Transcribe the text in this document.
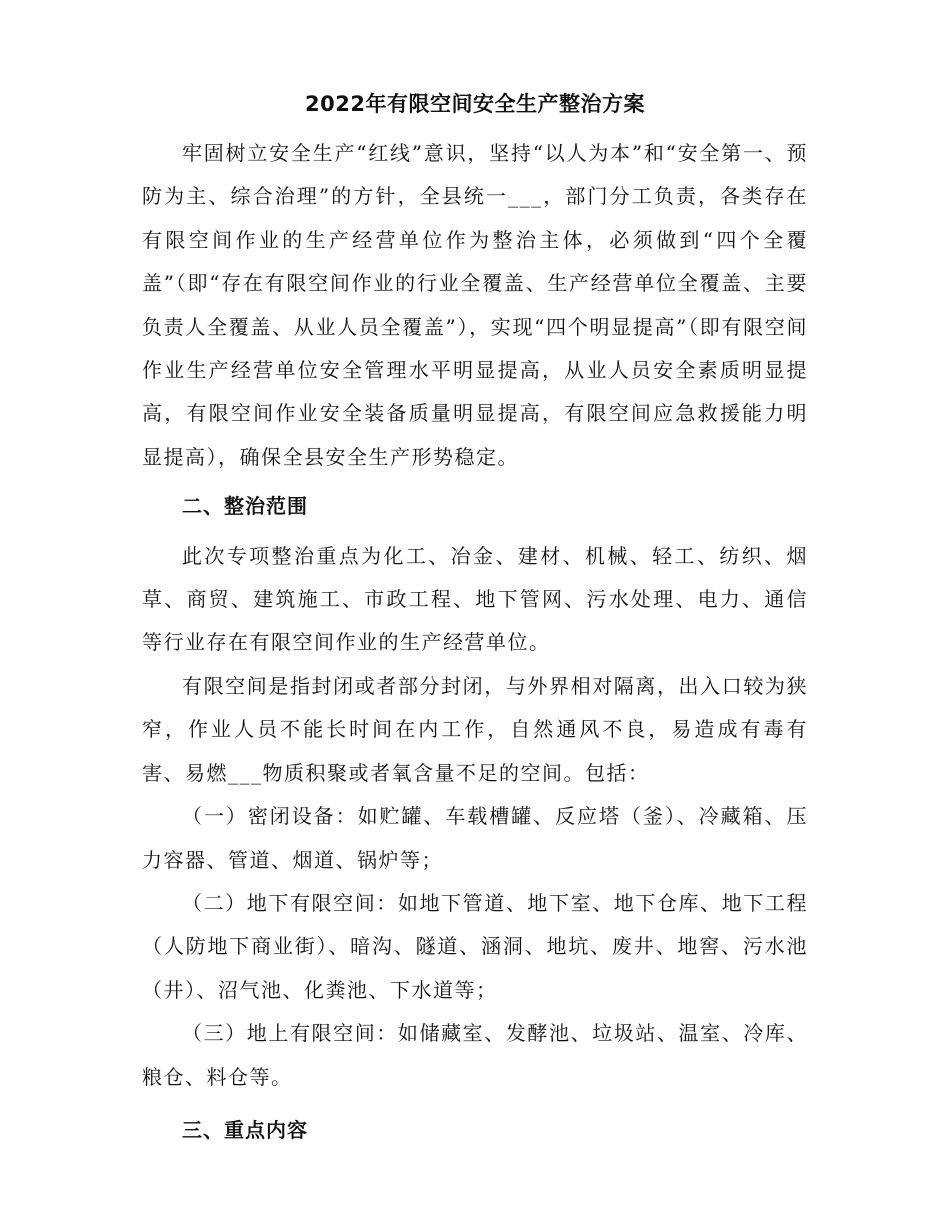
2022年有限空间安全生产整治方案

牢固树立安全生产“红线”意识，坚持“以人为本”和“安全第一、预防为主、综合治理”的方针，全县统一___，部门分工负责，各类存在有限空间作业的生产经营单位作为整治主体，必须做到“四个全覆盖”（即“存在有限空间作业的行业全覆盖、生产经营单位全覆盖、主要负责人全覆盖、从业人员全覆盖”），实现“四个明显提高”（即有限空间作业生产经营单位安全管理水平明显提高，从业人员安全素质明显提高，有限空间作业安全装备质量明显提高，有限空间应急救援能力明显提高），确保全县安全生产形势稳定。

二、整治范围

此次专项整治重点为化工、冶金、建材、机械、轻工、纺织、烟草、商贸、建筑施工、市政工程、地下管网、污水处理、电力、通信等行业存在有限空间作业的生产经营单位。

有限空间是指封闭或者部分封闭，与外界相对隔离，出入口较为狭窄，作业人员不能长时间在内工作，自然通风不良，易造成有毒有害、易燃___物质积聚或者氧含量不足的空间。包括：

（一）密闭设备：如贮罐、车载槽罐、反应塔（釜）、冷藏箱、压力容器、管道、烟道、锅炉等；

（二）地下有限空间：如地下管道、地下室、地下仓库、地下工程（人防地下商业街）、暗沟、隧道、涵洞、地坑、废井、地窖、污水池（井）、沼气池、化粪池、下水道等；

（三）地上有限空间：如储藏室、发酵池、垃圾站、温室、冷库、粮仓、料仓等。

三、重点内容
